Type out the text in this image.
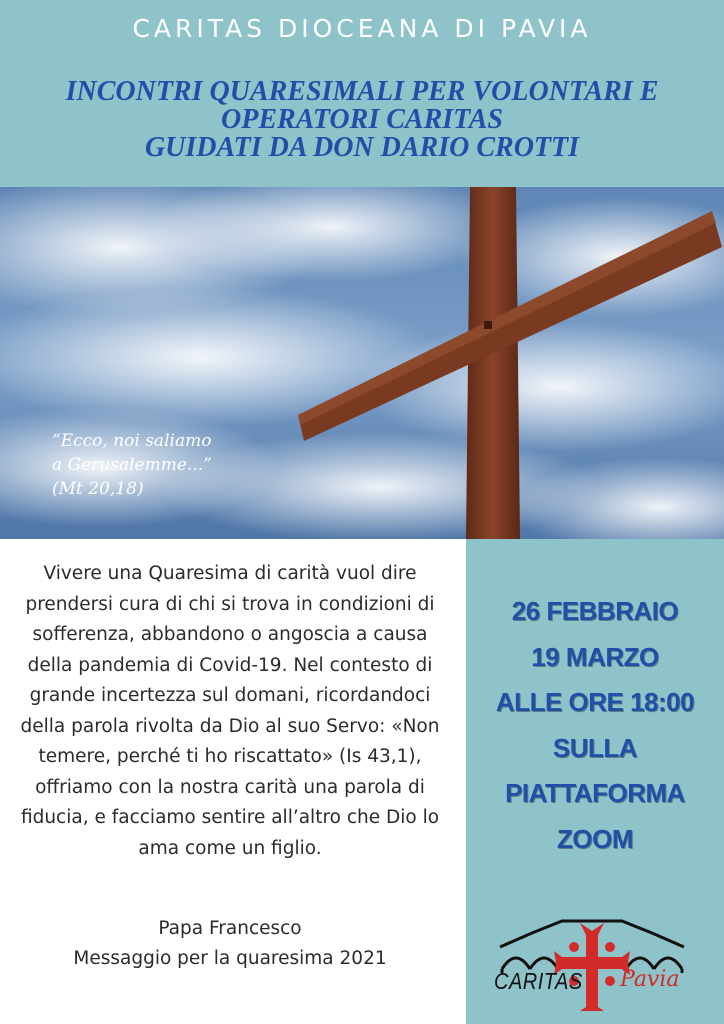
CARITAS DIOCEANA DI PAVIA
INCONTRI QUARESIMALI PER VOLONTARI E
OPERATORI CARITAS
GUIDATI DA DON DARIO CROTTI
“Ecco, noi saliamo
a Gerusalemme...”
(Mt 20,18)
Vivere una Quaresima di carità vuol dire prendersi cura di chi si trova in condizioni di sofferenza, abbandono o angoscia a causa della pandemia di Covid-19. Nel contesto di grande incertezza sul domani, ricordandoci della parola rivolta da Dio al suo Servo: «Non temere, perché ti ho riscattato» (Is 43,1), offriamo con la nostra carità una parola di fiducia, e facciamo sentire all’altro che Dio lo ama come un figlio.
Papa Francesco
Messaggio per la quaresima 2021
26 FEBBRAIO
19 MARZO
ALLE ORE 18:00
SULLA
PIATTAFORMA
ZOOM
CARITAS Pavia
